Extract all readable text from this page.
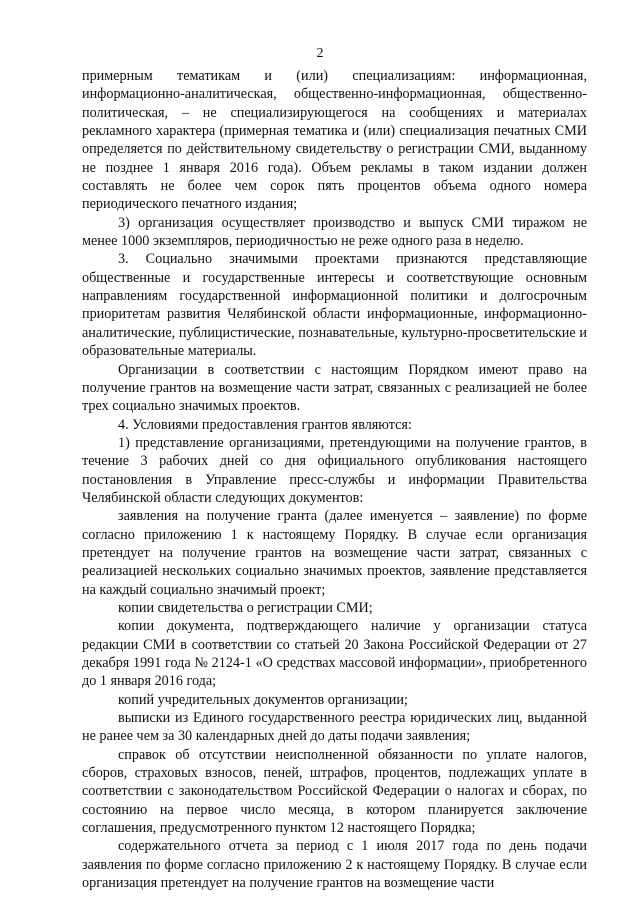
2

примерным тематикам и (или) специализациям: информационная, информационно-аналитическая, общественно-информационная, общественно-политическая, – не специализирующегося на сообщениях и материалах рекламного характера (примерная тематика и (или) специализация печатных СМИ определяется по действительному свидетельству о регистрации СМИ, выданному не позднее 1 января 2016 года). Объем рекламы в таком издании должен составлять не более чем сорок пять процентов объема одного номера периодического печатного издания;

3) организация осуществляет производство и выпуск СМИ тиражом не менее 1000 экземпляров, периодичностью не реже одного раза в неделю.

3. Социально значимыми проектами признаются представляющие общественные и государственные интересы и соответствующие основным направлениям государственной информационной политики и долгосрочным приоритетам развития Челябинской области информационные, информационно-аналитические, публицистические, познавательные, культурно-просветительские и образовательные материалы.

Организации в соответствии с настоящим Порядком имеют право на получение грантов на возмещение части затрат, связанных с реализацией не более трех социально значимых проектов.

4. Условиями предоставления грантов являются:

1) представление организациями, претендующими на получение грантов, в течение 3 рабочих дней со дня официального опубликования настоящего постановления в Управление пресс-службы и информации Правительства Челябинской области следующих документов:

заявления на получение гранта (далее именуется – заявление) по форме согласно приложению 1 к настоящему Порядку. В случае если организация претендует на получение грантов на возмещение части затрат, связанных с реализацией нескольких социально значимых проектов, заявление представляется на каждый социально значимый проект;

копии свидетельства о регистрации СМИ;

копии документа, подтверждающего наличие у организации статуса редакции СМИ в соответствии со статьей 20 Закона Российской Федерации от 27 декабря 1991 года № 2124-1 «О средствах массовой информации», приобретенного до 1 января 2016 года;

копий учредительных документов организации;

выписки из Единого государственного реестра юридических лиц, выданной не ранее чем за 30 календарных дней до даты подачи заявления;

справок об отсутствии неисполненной обязанности по уплате налогов, сборов, страховых взносов, пеней, штрафов, процентов, подлежащих уплате в соответствии с законодательством Российской Федерации о налогах и сборах, по состоянию на первое число месяца, в котором планируется заключение соглашения, предусмотренного пунктом 12 настоящего Порядка;

содержательного отчета за период с 1 июля 2017 года по день подачи заявления по форме согласно приложению 2 к настоящему Порядку. В случае если организация претендует на получение грантов на возмещение части
